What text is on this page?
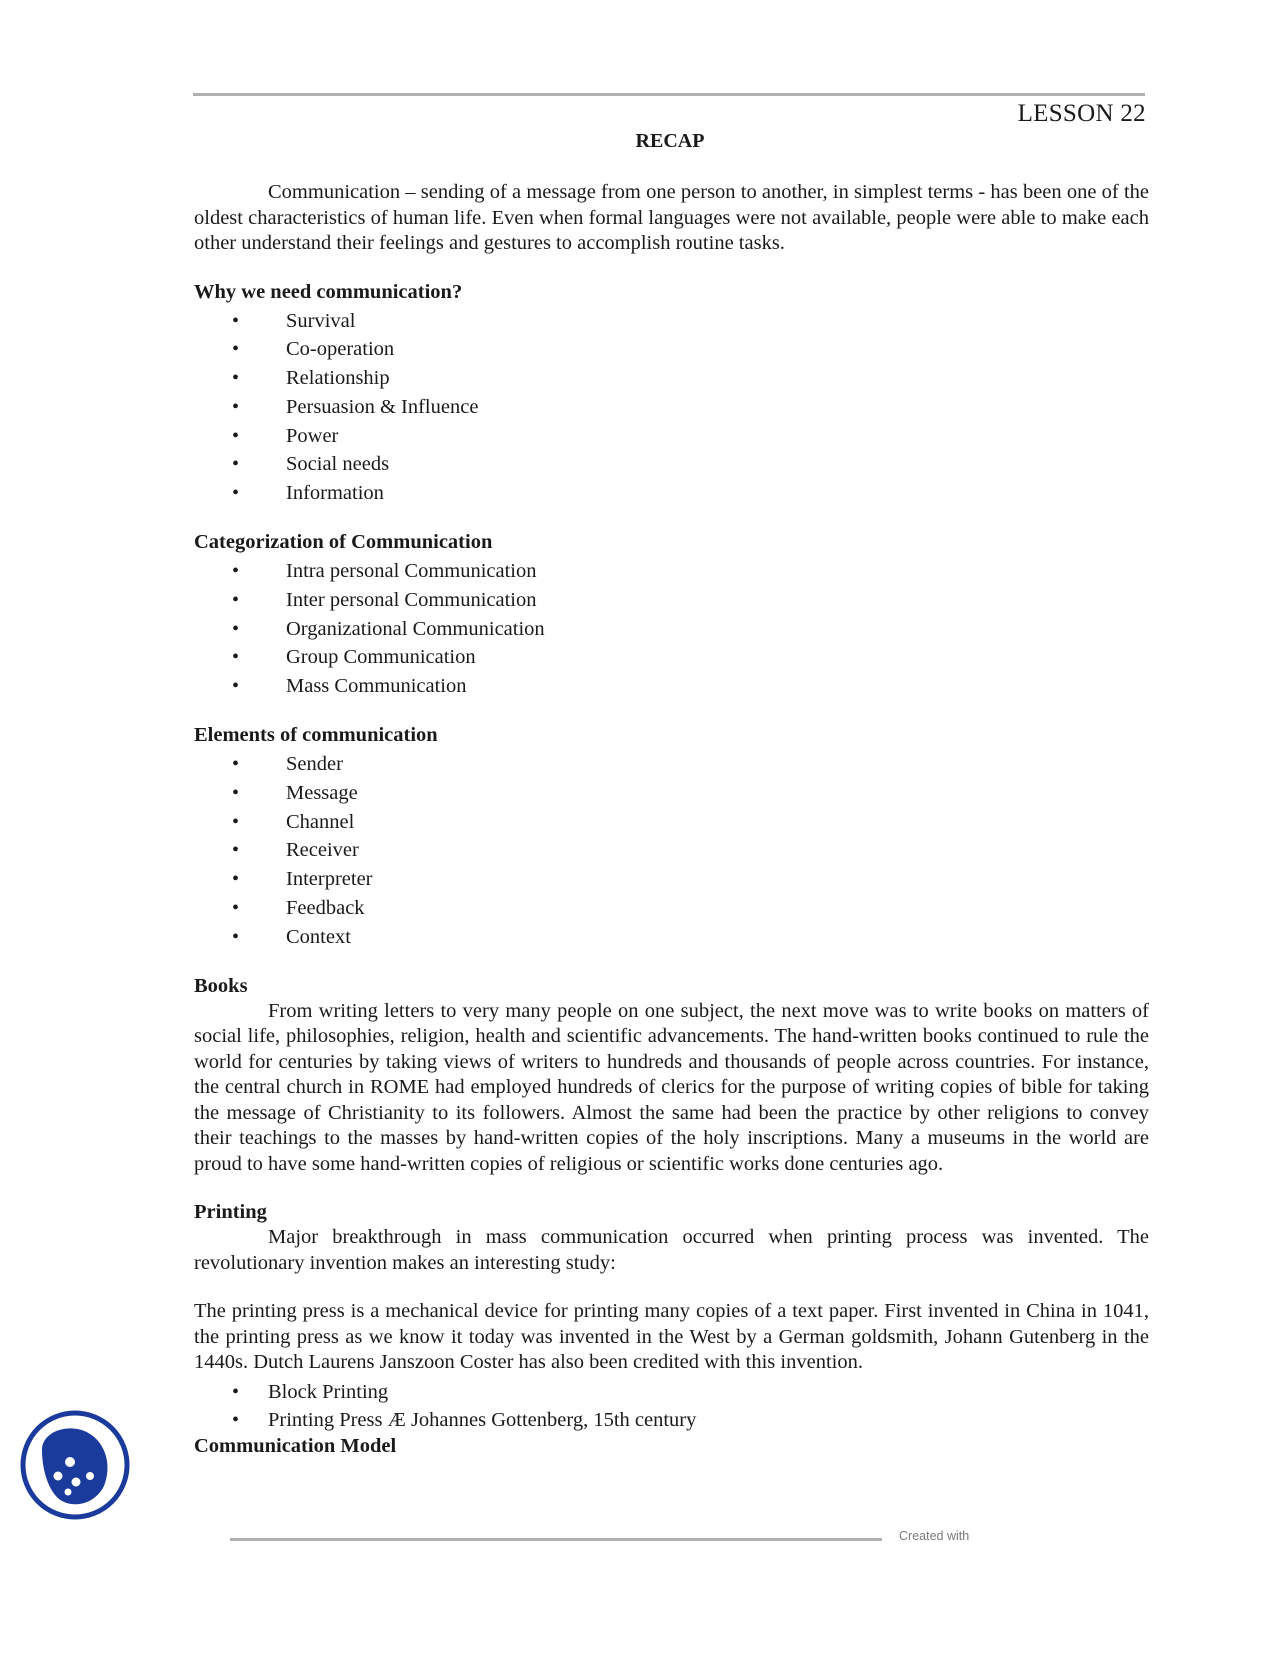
LESSON 22
RECAP

Communication – sending of a message from one person to another, in simplest terms - has been one of the oldest characteristics of human life. Even when formal languages were not available, people were able to make each other understand their feelings and gestures to accomplish routine tasks.

Why we need communication?
• Survival
• Co-operation
• Relationship
• Persuasion & Influence
• Power
• Social needs
• Information
Categorization of Communication
• Intra personal Communication
• Inter personal Communication
• Organizational Communication
• Group Communication
• Mass Communication
Elements of communication
• Sender
• Message
• Channel
• Receiver
• Interpreter
• Feedback
• Context
Books

From writing letters to very many people on one subject, the next move was to write books on matters of social life, philosophies, religion, health and scientific advancements. The hand-written books continued to rule the world for centuries by taking views of writers to hundreds and thousands of people across countries. For instance, the central church in ROME had employed hundreds of clerics for the purpose of writing copies of bible for taking the message of Christianity to its followers. Almost the same had been the practice by other religions to convey their teachings to the masses by hand-written copies of the holy inscriptions. Many a museums in the world are proud to have some hand-written copies of religious or scientific works done centuries ago.

Printing

Major breakthrough in mass communication occurred when printing process was invented. The revolutionary invention makes an interesting study:

The printing press is a mechanical device for printing many copies of a text paper. First invented in China in 1041, the printing press as we know it today was invented in the West by a German goldsmith, Johann Gutenberg in the 1440s. Dutch Laurens Janszoon Coster has also been credited with this invention.

• Block Printing
• Printing Press Æ Johannes Gottenberg, 15th century
Communication Model
Created with
